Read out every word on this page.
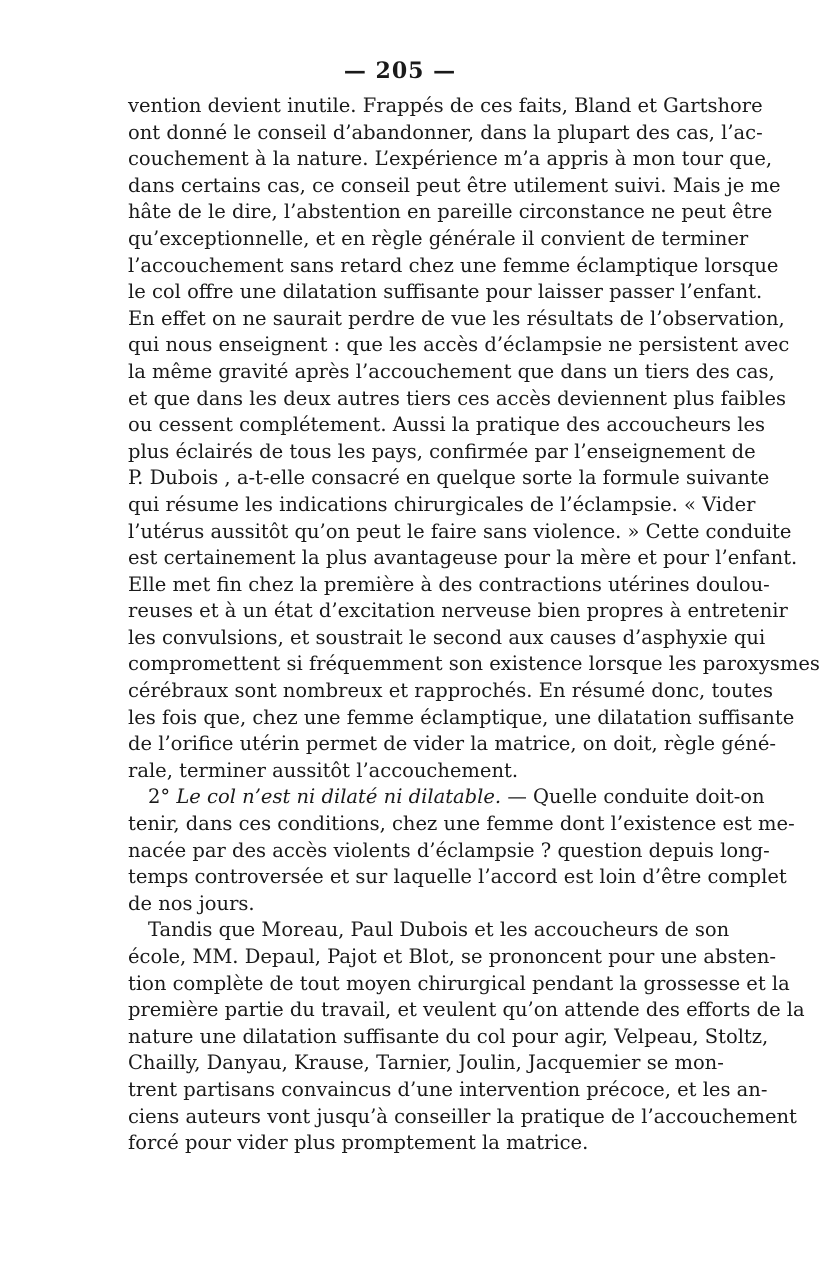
— 205 —
vention devient inutile. Frappés de ces faits, Bland et Gartshore
ont donné le conseil d’abandonner, dans la plupart des cas, l’ac-
couchement à la nature. L’expérience m’a appris à mon tour que,
dans certains cas, ce conseil peut être utilement suivi. Mais je me
hâte de le dire, l’abstention en pareille circonstance ne peut être
qu’exceptionnelle, et en règle générale il convient de terminer
l’accouchement sans retard chez une femme éclamptique lorsque
le col offre une dilatation suffisante pour laisser passer l’enfant.
En effet on ne saurait perdre de vue les résultats de l’observation,
qui nous enseignent : que les accès d’éclampsie ne persistent avec
la même gravité après l’accouchement que dans un tiers des cas,
et que dans les deux autres tiers ces accès deviennent plus faibles
ou cessent complétement. Aussi la pratique des accoucheurs les
plus éclairés de tous les pays, confirmée par l’enseignement de
P. Dubois , a-t-elle consacré en quelque sorte la formule suivante
qui résume les indications chirurgicales de l’éclampsie. « Vider
l’utérus aussitôt qu’on peut le faire sans violence. » Cette conduite
est certainement la plus avantageuse pour la mère et pour l’enfant.
Elle met fin chez la première à des contractions utérines doulou-
reuses et à un état d’excitation nerveuse bien propres à entretenir
les convulsions, et soustrait le second aux causes d’asphyxie qui
compromettent si fréquemment son existence lorsque les paroxysmes
cérébraux sont nombreux et rapprochés. En résumé donc, toutes
les fois que, chez une femme éclamptique, une dilatation suffisante
de l’orifice utérin permet de vider la matrice, on doit, règle géné-
rale, terminer aussitôt l’accouchement.
2° Le col n’est ni dilaté ni dilatable. — Quelle conduite doit-on
tenir, dans ces conditions, chez une femme dont l’existence est me-
nacée par des accès violents d’éclampsie ? question depuis long-
temps controversée et sur laquelle l’accord est loin d’être complet
de nos jours.
Tandis que Moreau, Paul Dubois et les accoucheurs de son
école, MM. Depaul, Pajot et Blot, se prononcent pour une absten-
tion complète de tout moyen chirurgical pendant la grossesse et la
première partie du travail, et veulent qu’on attende des efforts de la
nature une dilatation suffisante du col pour agir, Velpeau, Stoltz,
Chailly, Danyau, Krause, Tarnier, Joulin, Jacquemier se mon-
trent partisans convaincus d’une intervention précoce, et les an-
ciens auteurs vont jusqu’à conseiller la pratique de l’accouchement
forcé pour vider plus promptement la matrice.
